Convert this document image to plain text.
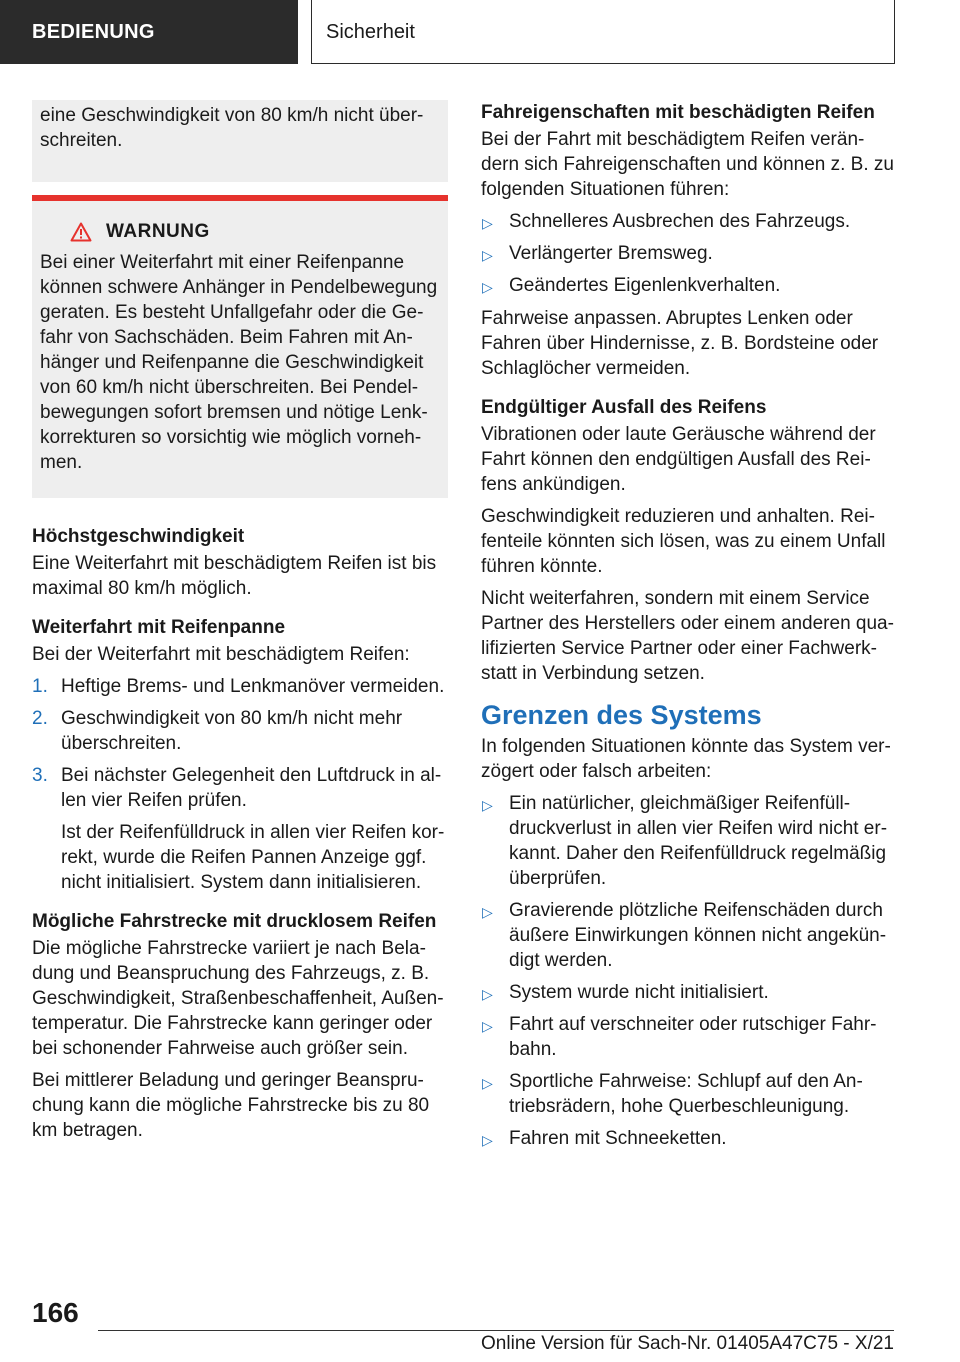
BEDIENUNG	Sicherheit

eine Geschwindigkeit von 80 km/h nicht überschreiten.

WARNUNG

Bei einer Weiterfahrt mit einer Reifenpanne können schwere Anhänger in Pendelbewegung geraten. Es besteht Unfallgefahr oder die Gefahr von Sachschäden. Beim Fahren mit Anhänger und Reifenpanne die Geschwindigkeit von 60 km/h nicht überschreiten. Bei Pendelbewegungen sofort bremsen und nötige Lenkkorrekturen so vorsichtig wie möglich vornehmen.

Höchstgeschwindigkeit

Eine Weiterfahrt mit beschädigtem Reifen ist bis maximal 80 km/h möglich.

Weiterfahrt mit Reifenpanne

Bei der Weiterfahrt mit beschädigtem Reifen:

1. Heftige Brems- und Lenkmanöver vermeiden.
2. Geschwindigkeit von 80 km/h nicht mehr überschreiten.
3. Bei nächster Gelegenheit den Luftdruck in allen vier Reifen prüfen.
Ist der Reifenfülldruck in allen vier Reifen korrekt, wurde die Reifen Pannen Anzeige ggf. nicht initialisiert. System dann initialisieren.

Mögliche Fahrstrecke mit drucklosem Reifen

Die mögliche Fahrstrecke variiert je nach Beladung und Beanspruchung des Fahrzeugs, z. B. Geschwindigkeit, Straßenbeschaffenheit, Außentemperatur. Die Fahrstrecke kann geringer oder bei schonender Fahrweise auch größer sein.

Bei mittlerer Beladung und geringer Beanspruchung kann die mögliche Fahrstrecke bis zu 80 km betragen.

Fahreigenschaften mit beschädigten Reifen

Bei der Fahrt mit beschädigtem Reifen verändern sich Fahreigenschaften und können z. B. zu folgenden Situationen führen:

▷ Schnelleres Ausbrechen des Fahrzeugs.
▷ Verlängerter Bremsweg.
▷ Geändertes Eigenlenkverhalten.

Fahrweise anpassen. Abruptes Lenken oder Fahren über Hindernisse, z. B. Bordsteine oder Schlaglöcher vermeiden.

Endgültiger Ausfall des Reifens

Vibrationen oder laute Geräusche während der Fahrt können den endgültigen Ausfall des Reifens ankündigen.

Geschwindigkeit reduzieren und anhalten. Reifenteile könnten sich lösen, was zu einem Unfall führen könnte.

Nicht weiterfahren, sondern mit einem Service Partner des Herstellers oder einem anderen qualifizierten Service Partner oder einer Fachwerkstatt in Verbindung setzen.

Grenzen des Systems

In folgenden Situationen könnte das System verzögert oder falsch arbeiten:

▷ Ein natürlicher, gleichmäßiger Reifenfülldruckverlust in allen vier Reifen wird nicht erkannt. Daher den Reifenfülldruck regelmäßig überprüfen.
▷ Gravierende plötzliche Reifenschäden durch äußere Einwirkungen können nicht angekündigt werden.
▷ System wurde nicht initialisiert.
▷ Fahrt auf verschneiter oder rutschiger Fahrbahn.
▷ Sportliche Fahrweise: Schlupf auf den Antriebsrädern, hohe Querbeschleunigung.
▷ Fahren mit Schneeketten.
166
Online Version für Sach-Nr. 01405A47C75 - X/21
